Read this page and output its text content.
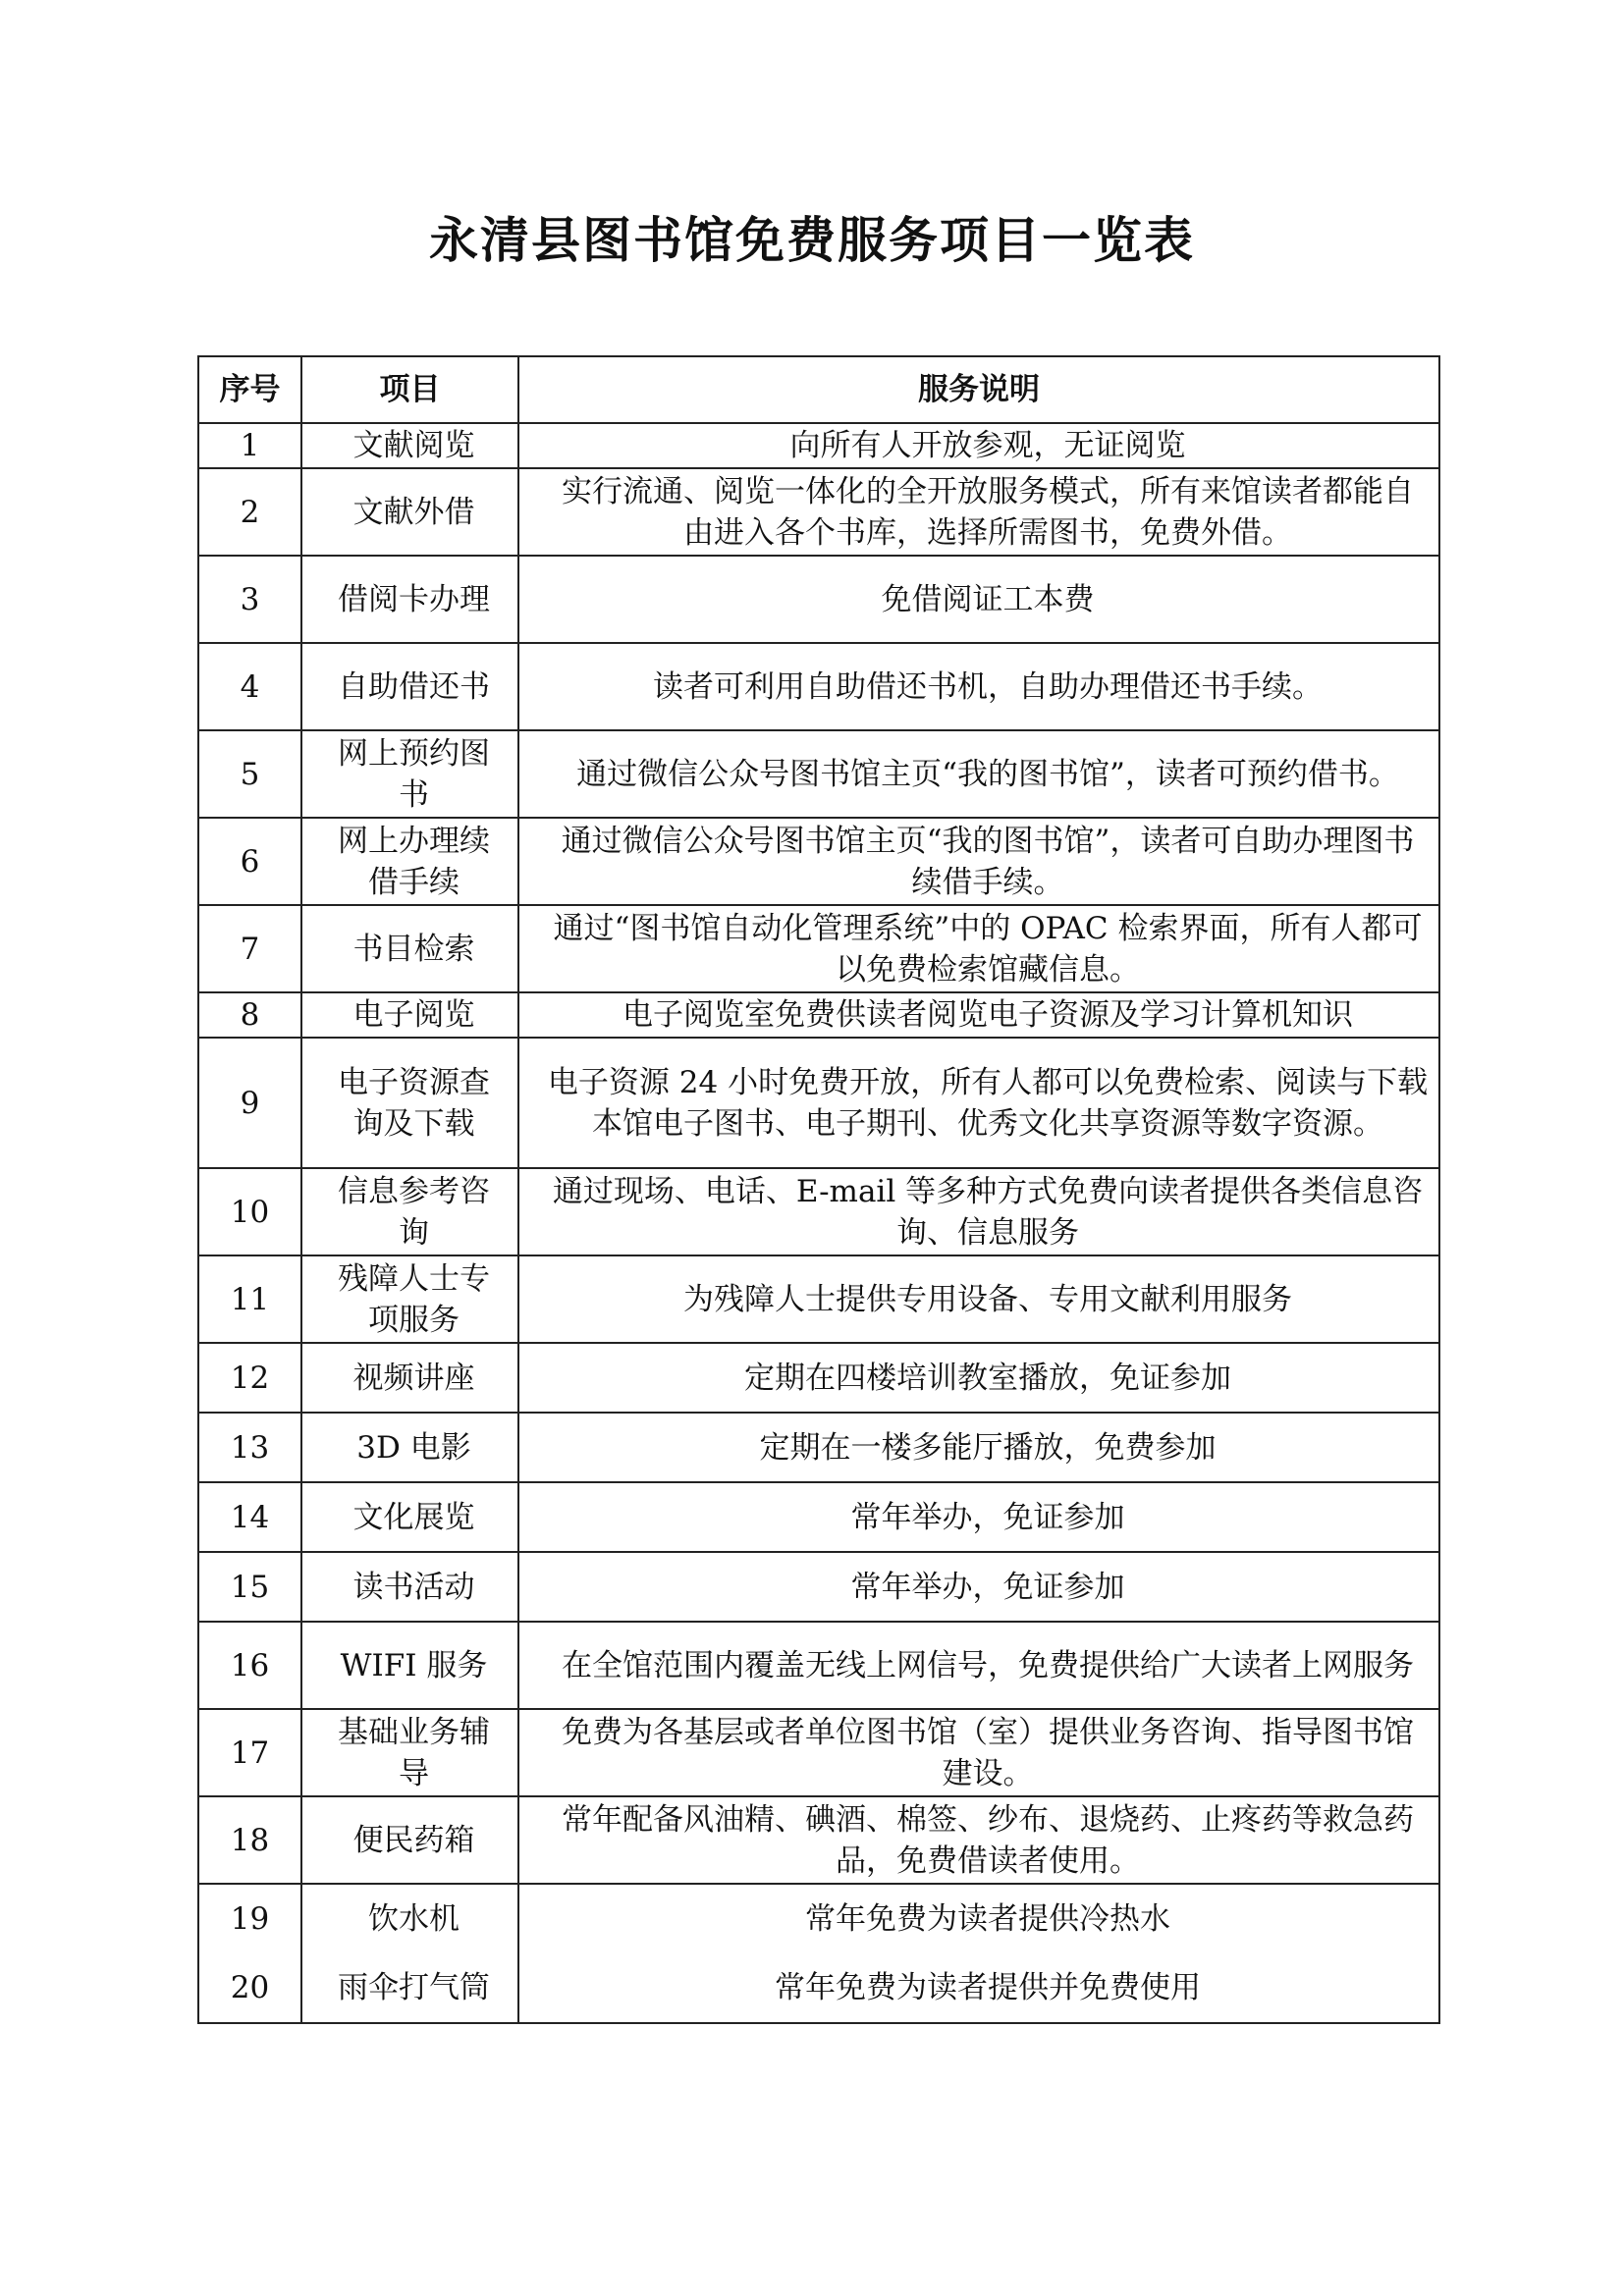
永清县图书馆免费服务项目一览表
序号	项目	服务说明
1	文献阅览	向所有人开放参观，无证阅览
2	文献外借	实行流通、阅览一体化的全开放服务模式，所有来馆读者都能自由进入各个书库，选择所需图书，免费外借。
3	借阅卡办理	免借阅证工本费
4	自助借还书	读者可利用自助借还书机，自助办理借还书手续。
5	网上预约图书	通过微信公众号图书馆主页“我的图书馆”，读者可预约借书。
6	网上办理续借手续	通过微信公众号图书馆主页“我的图书馆”，读者可自助办理图书续借手续。
7	书目检索	通过“图书馆自动化管理系统”中的 OPAC 检索界面，所有人都可以免费检索馆藏信息。
8	电子阅览	电子阅览室免费供读者阅览电子资源及学习计算机知识
9	电子资源查询及下载	电子资源 24 小时免费开放，所有人都可以免费检索、阅读与下载本馆电子图书、电子期刊、优秀文化共享资源等数字资源。
10	信息参考咨询	通过现场、电话、E-mail 等多种方式免费向读者提供各类信息咨询、信息服务
11	残障人士专项服务	为残障人士提供专用设备、专用文献利用服务
12	视频讲座	定期在四楼培训教室播放，免证参加
13	3D 电影	定期在一楼多能厅播放，免费参加
14	文化展览	常年举办，免证参加
15	读书活动	常年举办，免证参加
16	WIFI 服务	在全馆范围内覆盖无线上网信号，免费提供给广大读者上网服务
17	基础业务辅导	免费为各基层或者单位图书馆（室）提供业务咨询、指导图书馆建设。
18	便民药箱	常年配备风油精、碘酒、棉签、纱布、退烧药、止疼药等救急药品，免费借读者使用。
19	饮水机	常年免费为读者提供冷热水
20	雨伞打气筒	常年免费为读者提供并免费使用
